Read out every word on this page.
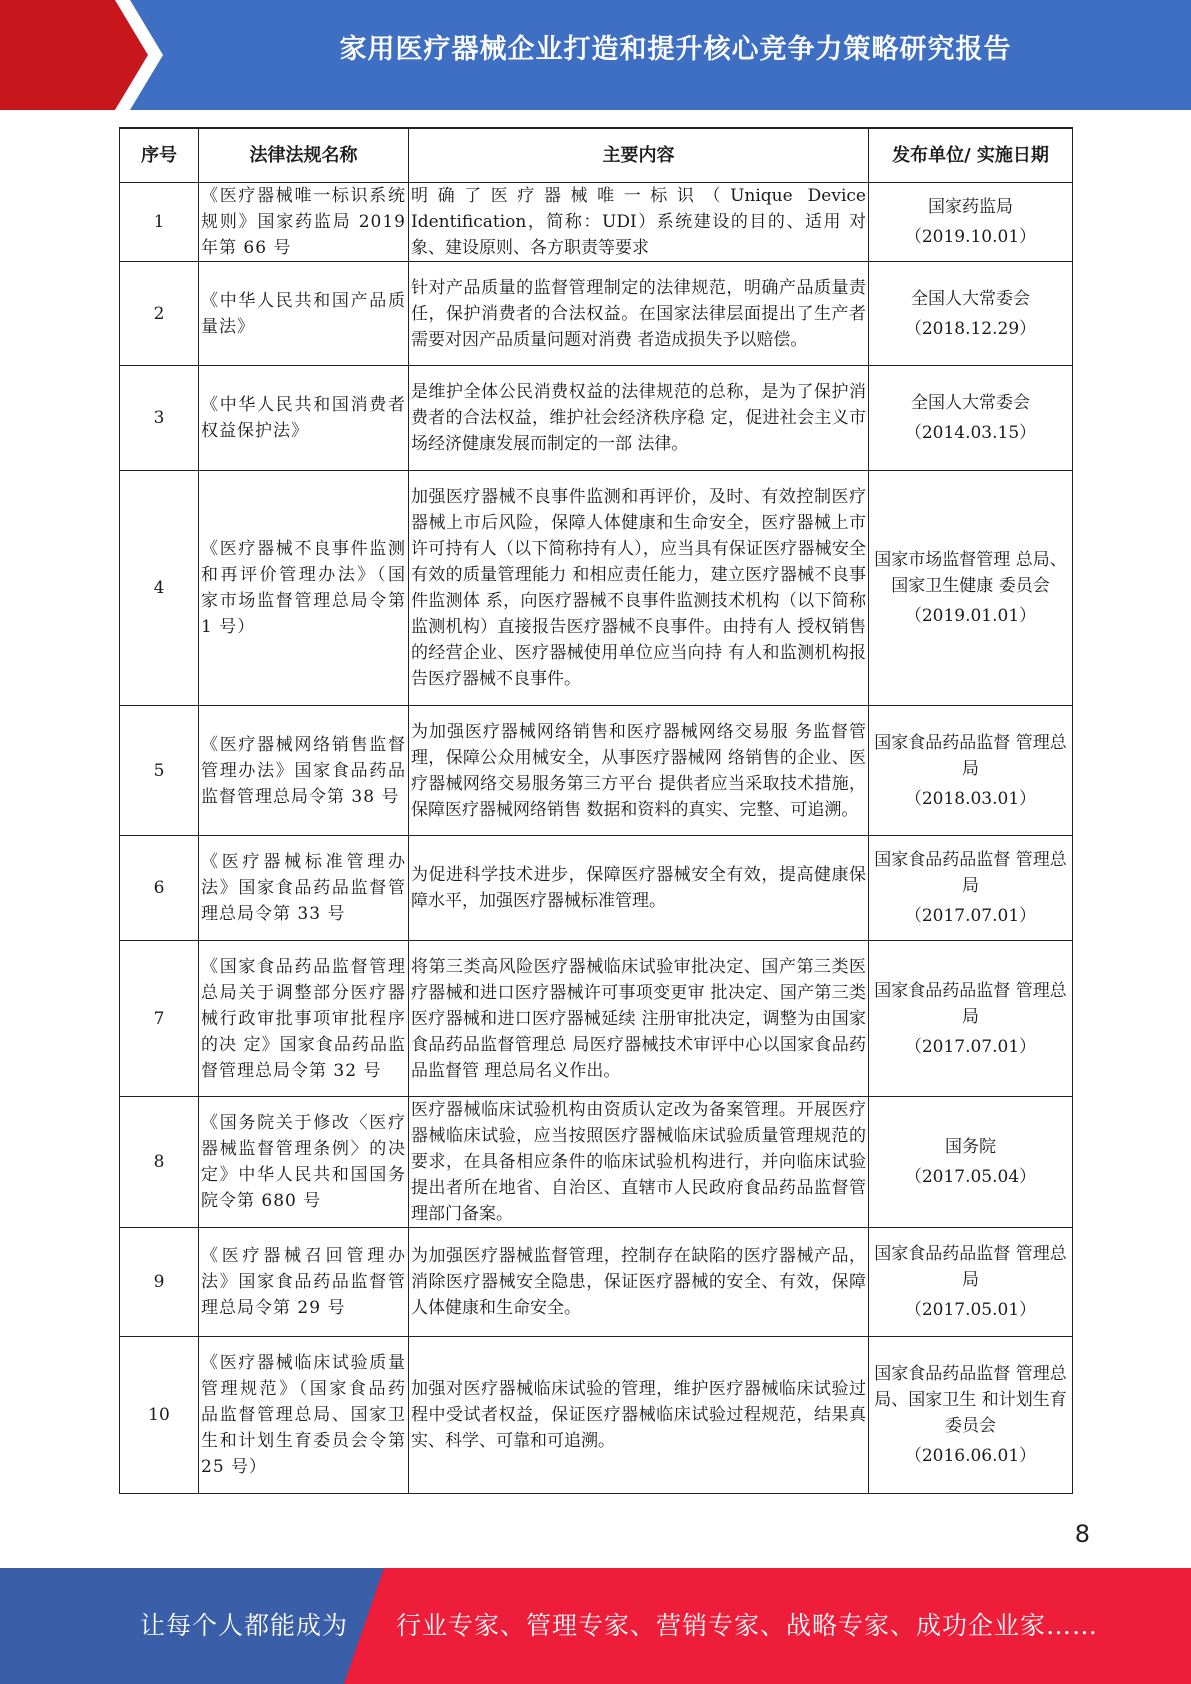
家用医疗器械企业打造和提升核心竞争力策略研究报告
序号	法律法规名称	主要内容	发布单位/ 实施日期
1	《医疗器械唯一标识系统规则》国家药监局 2019 年第 66 号	明确了医疗器械唯一标识（Unique Device Identification，简称：UDI）系统建设的目的、适用 对象、建设原则、各方职责等要求	国家药监局
（2019.10.01）

2	《中华人民共和国产品质量法》	针对产品质量的监督管理制定的法律规范，明确产品质量责任，保护消费者的合法权益。在国家法律层面提出了生产者需要对因产品质量问题对消费 者造成损失予以赔偿。	全国人大常委会
（2018.12.29）

3	《中华人民共和国消费者权益保护法》	是维护全体公民消费权益的法律规范的总称，是为了保护消费者的合法权益，维护社会经济秩序稳 定，促进社会主义市场经济健康发展而制定的一部 法律。	全国人大常委会
（2014.03.15）

4	《医疗器械不良事件监测和再评价管理办法》（国家市场监督管理总局令第 1 号）	加强医疗器械不良事件监测和再评价，及时、有效控制医疗器械上市后风险，保障人体健康和生命安全，医疗器械上市许可持有人（以下简称持有人），应当具有保证医疗器械安全有效的质量管理能力 和相应责任能力，建立医疗器械不良事件监测体 系，向医疗器械不良事件监测技术机构（以下简称 监测机构）直接报告医疗器械不良事件。由持有人 授权销售的经营企业、医疗器械使用单位应当向持 有人和监测机构报告医疗器械不良事件。	国家市场监督管理 总局、国家卫生健康 委员会
（2019.01.01）

5	《医疗器械网络销售监督管理办法》国家食品药品监督管理总局令第 38 号	为加强医疗器械网络销售和医疗器械网络交易服 务监督管理，保障公众用械安全，从事医疗器械网 络销售的企业、医疗器械网络交易服务第三方平台 提供者应当采取技术措施，保障医疗器械网络销售 数据和资料的真实、完整、可追溯。	国家食品药品监督 管理总局
（2018.03.01）

6	《医疗器械标准管理办法》国家食品药品监督管理总局令第 33 号	为促进科学技术进步，保障医疗器械安全有效，提高健康保障水平，加强医疗器械标准管理。	国家食品药品监督 管理总局
（2017.07.01）

7	《国家食品药品监督管理总局关于调整部分医疗器械行政审批事项审批程序的决 定》国家食品药品监 督管理总局令第 32 号	将第三类高风险医疗器械临床试验审批决定、国产第三类医疗器械和进口医疗器械许可事项变更审 批决定、国产第三类医疗器械和进口医疗器械延续 注册审批决定，调整为由国家食品药品监督管理总 局医疗器械技术审评中心以国家食品药品监督管 理总局名义作出。	国家食品药品监督 管理总局
（2017.07.01）

8	《国务院关于修改〈医疗器械监督管理条例〉的决定》中华人民共和国国务院令第 680 号	医疗器械临床试验机构由资质认定改为备案管理。开展医疗器械临床试验，应当按照医疗器械临床试验质量管理规范的要求，在具备相应条件的临床试验机构进行，并向临床试验提出者所在地省、自治区、直辖市人民政府食品药品监督管理部门备案。	国务院
（2017.05.04）

9	《医疗器械召回管理办法》国家食品药品监督管理总局令第 29 号	为加强医疗器械监督管理，控制存在缺陷的医疗器械产品，消除医疗器械安全隐患，保证医疗器械的安全、有效，保障人体健康和生命安全。	国家食品药品监督 管理总局
（2017.05.01）

10	《医疗器械临床试验质量管理规范》（国家食品药品监督管理总局、国家卫生和计划生育委员会令第 25 号）	加强对医疗器械临床试验的管理，维护医疗器械临床试验过程中受试者权益，保证医疗器械临床试验过程规范，结果真实、科学、可靠和可追溯。	国家食品药品监督 管理总局、国家卫生 和计划生育委员会
（2016.06.01）
8
让每个人都能成为 行业专家、管理专家、营销专家、战略专家、成功企业家……
